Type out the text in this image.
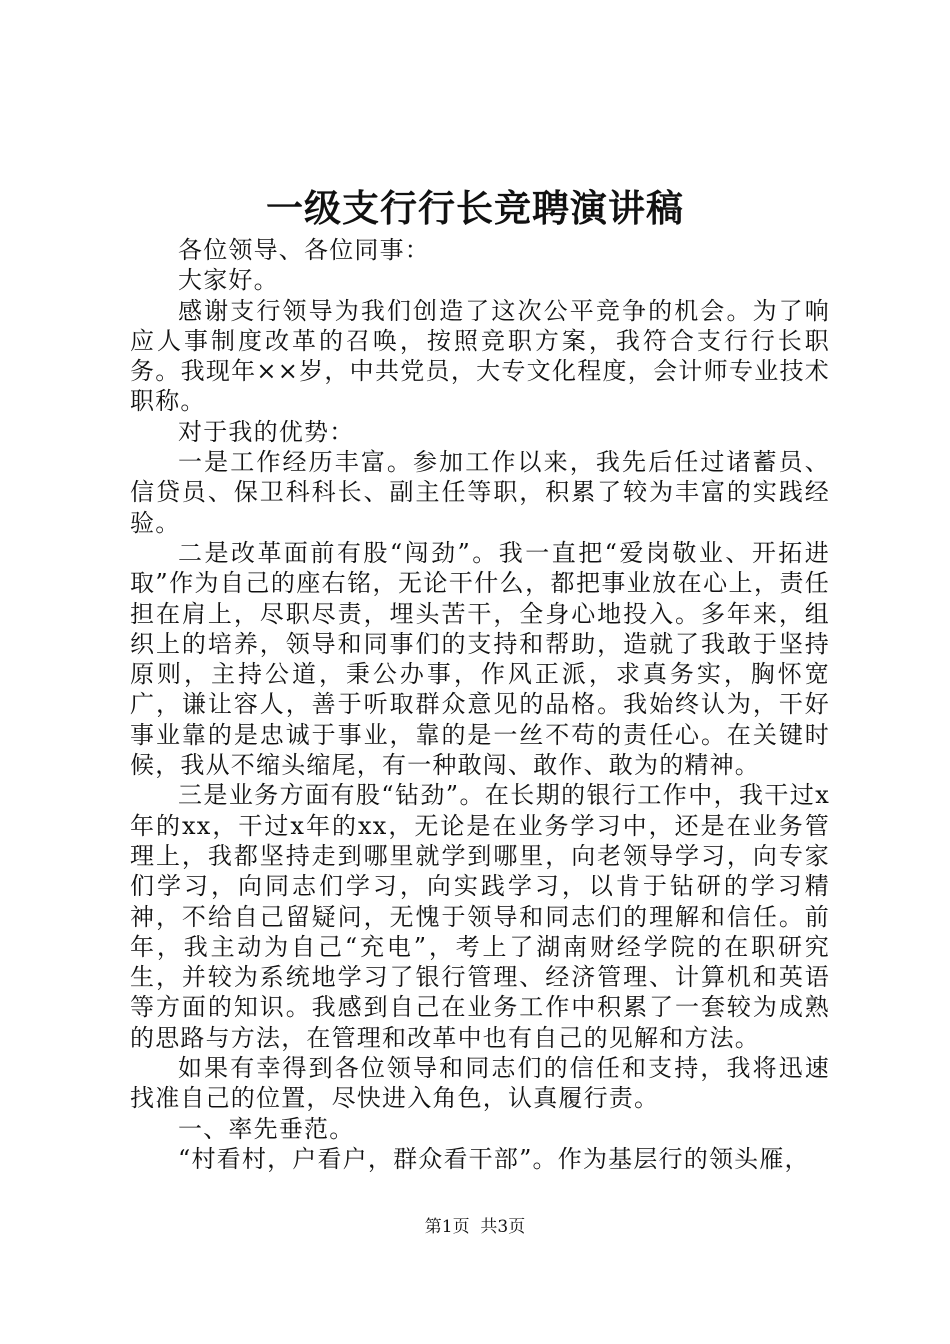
一级支行行长竞聘演讲稿

各位领导、各位同事：

大家好。

感谢支行领导为我们创造了这次公平竞争的机会。为了响应人事制度改革的召唤，按照竞职方案，我符合支行行长职务。我现年××岁，中共党员，大专文化程度，会计师专业技术职称。

对于我的优势：

一是工作经历丰富。参加工作以来，我先后任过诸蓄员、信贷员、保卫科科长、副主任等职，积累了较为丰富的实践经验。

二是改革面前有股“闯劲”。我一直把“爱岗敬业、开拓进取”作为自己的座右铭，无论干什么，都把事业放在心上，责任担在肩上，尽职尽责，埋头苦干，全身心地投入。多年来，组织上的培养，领导和同事们的支持和帮助，造就了我敢于坚持原则，主持公道，秉公办事，作风正派，求真务实，胸怀宽广，谦让容人，善于听取群众意见的品格。我始终认为，干好事业靠的是忠诚于事业，靠的是一丝不苟的责任心。在关键时候，我从不缩头缩尾，有一种敢闯、敢作、敢为的精神。

三是业务方面有股“钻劲”。在长期的银行工作中，我干过x年的xx，干过x年的xx，无论是在业务学习中，还是在业务管理上，我都坚持走到哪里就学到哪里，向老领导学习，向专家们学习，向同志们学习，向实践学习，以肯于钻研的学习精神，不给自己留疑问，无愧于领导和同志们的理解和信任。前年，我主动为自己“充电”，考上了湖南财经学院的在职研究生，并较为系统地学习了银行管理、经济管理、计算机和英语等方面的知识。我感到自己在业务工作中积累了一套较为成熟的思路与方法，在管理和改革中也有自己的见解和方法。

如果有幸得到各位领导和同志们的信任和支持，我将迅速找准自己的位置，尽快进入角色，认真履行责。

一、率先垂范。

“村看村，户看户，群众看干部”。作为基层行的领头雁，

第1页  共3页
